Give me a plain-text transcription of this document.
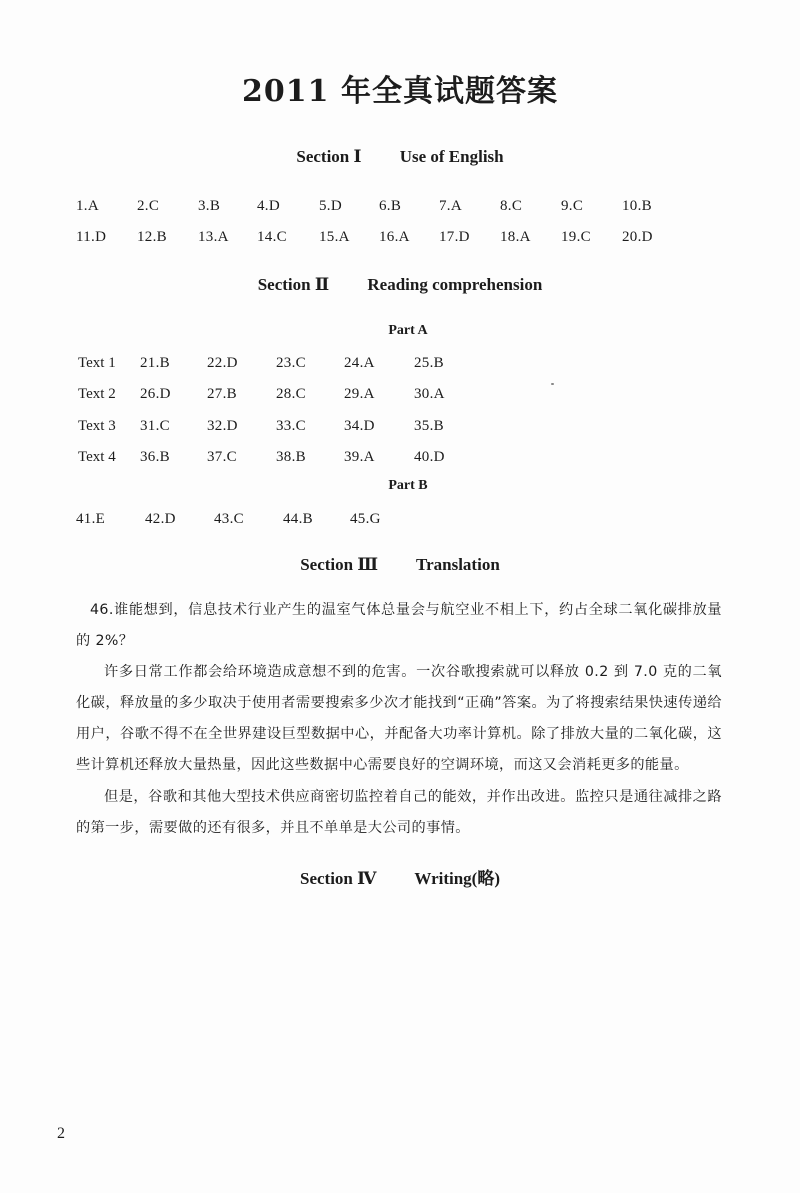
2011 年全真试题答案
Section Ⅰ Use of English
1.A	2.C	3.B 4.D	5.D 6.B	7.A	8.C	9.C	10.B
11.D 12.B 13.A 14.C 15.A 16.A 17.D 18.A 19.C 20.D
Section Ⅱ Reading comprehension
Part A
Text 1 21.B 22.D	23.C	24.A	25.B
Text 2 26.D 27.B	28.C	29.A	30.A
Text 3 31.C 32.D	33.C	34.D	35.B
Text 4 36.B 37.C	38.B	39.A	40.D
Part B
41.E	42.D	43.C	44.B 45.G
Section Ⅲ Translation

46.谁能想到，信息技术行业产生的温室气体总量会与航空业不相上下，约占全球二氧化碳排放量的 2%？

许多日常工作都会给环境造成意想不到的危害。一次谷歌搜索就可以释放 0.2 到 7.0 克的二氧化碳，释放量的多少取决于使用者需要搜索多少次才能找到“正确”答案。为了将搜索结果快速传递给用户，谷歌不得不在全世界建设巨型数据中心，并配备大功率计算机。除了排放大量的二氧化碳，这些计算机还释放大量热量，因此这些数据中心需要良好的空调环境，而这又会消耗更多的能量。

但是，谷歌和其他大型技术供应商密切监控着自己的能效，并作出改进。监控只是通往减排之路的第一步，需要做的还有很多，并且不单单是大公司的事情。

Section Ⅳ Writing(略)
2
